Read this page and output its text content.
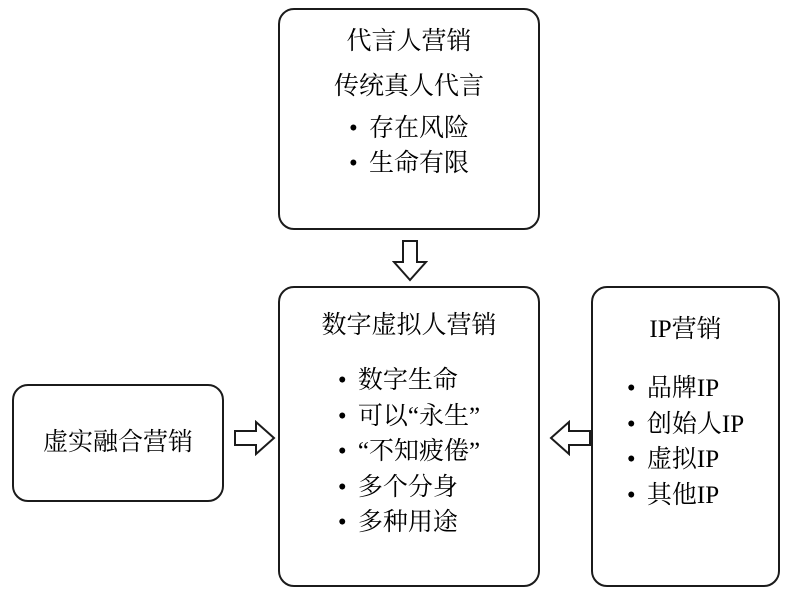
代言人营销
传统真人代言
• 存在风险
• 生命有限
数字虚拟人营销
• 数字生命
• 可以“永生”
• “不知疲倦”
• 多个分身
• 多种用途
IP营销
• 品牌IP
• 创始人IP
• 虚拟IP
• 其他IP
虚实融合营销
